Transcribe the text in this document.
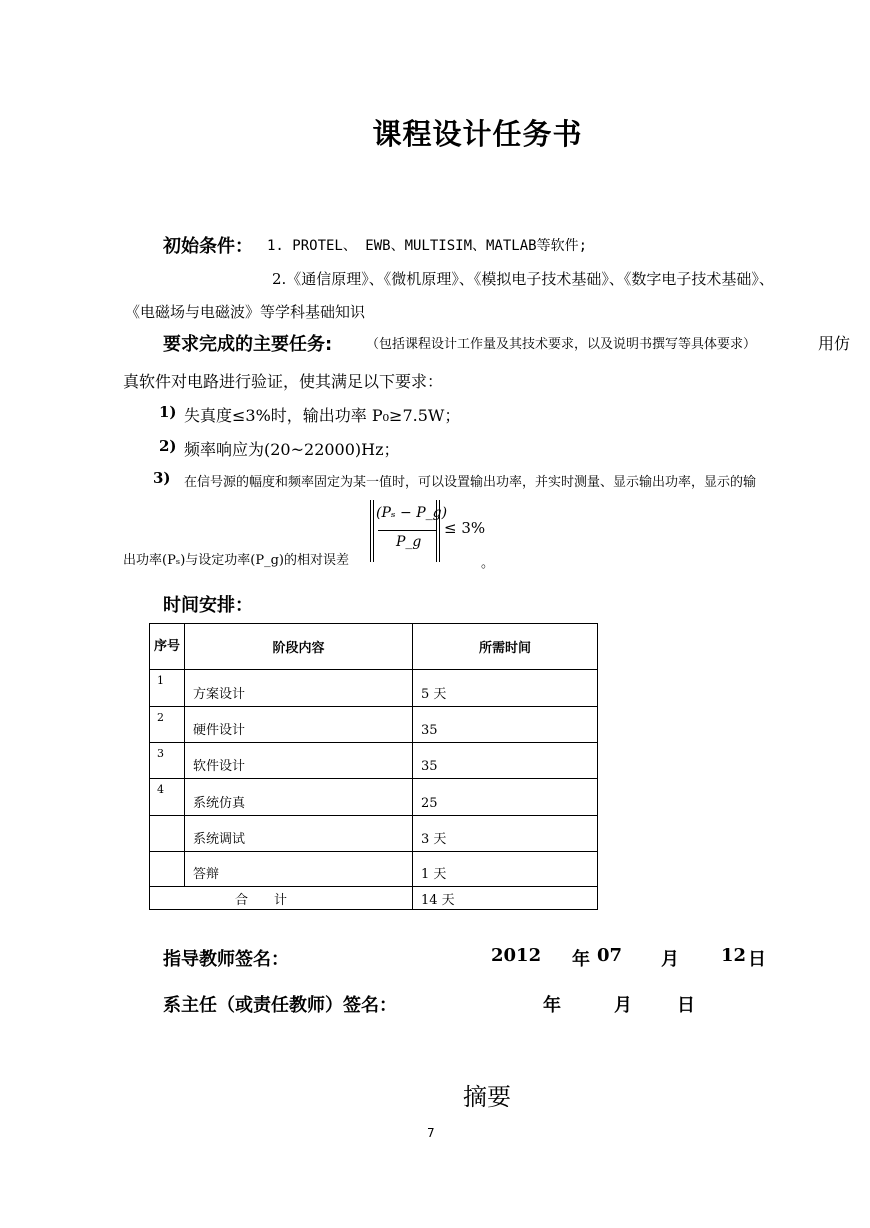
课程设计任务书
初始条件： 1. PROTEL、 EWB、MULTISIM、MATLAB等软件;
2.《通信原理》、《微机原理》、《模拟电子技术基础》、《数字电子技术基础》、
《电磁场与电磁波》等学科基础知识
要求完成的主要任务:	（包括课程设计工作量及其技术要求，以及说明书撰写等具体要求）	用仿
真软件对电路进行验证，使其满足以下要求：
1) 失真度≤3%时，输出功率 P₀≥7.5W；
2) 频率响应为(20~22000)Hz；
3) 在信号源的幅度和频率固定为某一值时，可以设置输出功率，并实时测量、显示输出功率，显示的输
出功率(Pₛ)与设定功率(P_g)的相对误差
(Pₛ − P_g)
P_g
≤ 3%
。
时间安排：
序号	阶段内容	所需时间
1	方案设计	5 天
2	硬件设计	35
3	软件设计	35
4	系统仿真	25
	系统调试	3 天
	答辩	1 天
合　　计		14 天
指导教师签名：	2012 年 07 月 12 日
系主任（或责任教师）签名：	年	月	日
摘要
7
